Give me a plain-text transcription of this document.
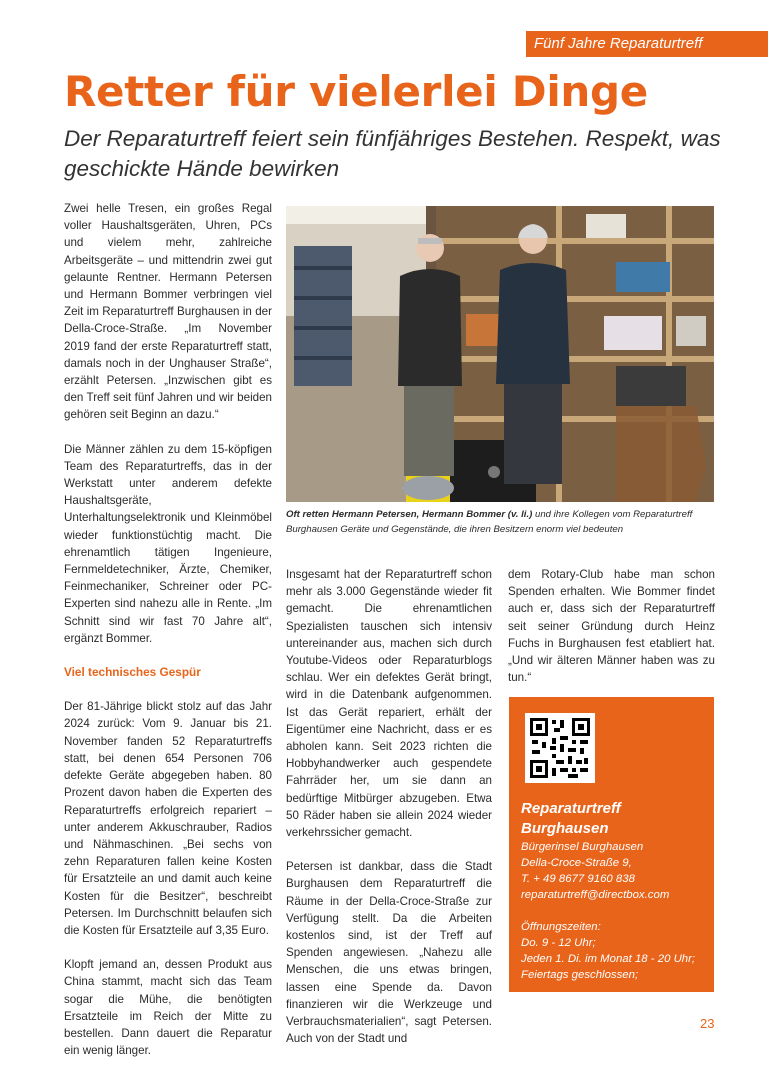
Fünf Jahre Reparaturtreff
Retter für vielerlei Dinge

Der Reparaturtreff feiert sein fünfjähriges Bestehen. Respekt, was geschickte Hände bewirken

Zwei helle Tresen, ein großes Regal voller Haushaltsgeräten, Uhren, PCs und vielem mehr, zahlreiche Arbeitsgeräte – und mittendrin zwei gut gelaunte Rentner. Hermann Petersen und Hermann Bommer verbringen viel Zeit im Reparaturtreff Burghausen in der Della-Croce-Straße. „Im November 2019 fand der erste Reparaturtreff statt, damals noch in der Unghauser Straße“, erzählt Petersen. „Inzwischen gibt es den Treff seit fünf Jahren und wir beiden gehören seit Beginn an dazu.“

Die Männer zählen zu dem 15-köpfigen Team des Reparaturtreffs, das in der Werkstatt unter anderem defekte Haushaltsgeräte, Unterhaltungselektronik und Kleinmöbel wieder funktionstüchtig macht. Die ehrenamtlich tätigen Ingenieure, Fernmeldetechniker, Ärzte, Chemiker, Feinmechaniker, Schreiner oder PC-Experten sind nahezu alle in Rente. „Im Schnitt sind wir fast 70 Jahre alt“, ergänzt Bommer.

Viel technisches Gespür

Der 81-Jährige blickt stolz auf das Jahr 2024 zurück: Vom 9. Januar bis 21. November fanden 52 Reparaturtreffs statt, bei denen 654 Personen 706 defekte Geräte abgegeben haben. 80 Prozent davon haben die Experten des Reparaturtreffs erfolgreich repariert – unter anderem Akkuschrauber, Radios und Nähmaschinen. „Bei sechs von zehn Reparaturen fallen keine Kosten für Ersatzteile an und damit auch keine Kosten für die Besitzer“, beschreibt Petersen. Im Durchschnitt belaufen sich die Kosten für Ersatzteile auf 3,35 Euro.

Klopft jemand an, dessen Produkt aus China stammt, macht sich das Team sogar die Mühe, die benötigten Ersatzteile im Reich der Mitte zu bestellen. Dann dauert die Reparatur ein wenig länger.

Oft retten Hermann Petersen, Hermann Bommer (v. li.) und ihre Kollegen vom Reparaturtreff Burghausen Geräte und Gegenstände, die ihren Besitzern enorm viel bedeuten

Insgesamt hat der Reparaturtreff schon mehr als 3.000 Gegenstände wieder fit gemacht. Die ehrenamtlichen Spezialisten tauschen sich intensiv untereinander aus, machen sich durch Youtube-Videos oder Reparaturblogs schlau. Wer ein defektes Gerät bringt, wird in die Datenbank aufgenommen. Ist das Gerät repariert, erhält der Eigentümer eine Nachricht, dass er es abholen kann. Seit 2023 richten die Hobbyhandwerker auch gespendete Fahrräder her, um sie dann an bedürftige Mitbürger abzugeben. Etwa 50 Räder haben sie allein 2024 wieder verkehrssicher gemacht.

Petersen ist dankbar, dass die Stadt Burghausen dem Reparaturtreff die Räume in der Della-Croce-Straße zur Verfügung stellt. Da die Arbeiten kostenlos sind, ist der Treff auf Spenden angewiesen. „Nahezu alle Menschen, die uns etwas bringen, lassen eine Spende da. Davon finanzieren wir die Werkzeuge und Verbrauchsmaterialien“, sagt Petersen. Auch von der Stadt und

dem Rotary-Club habe man schon Spenden erhalten. Wie Bommer findet auch er, dass sich der Reparaturtreff seit seiner Gründung durch Heinz Fuchs in Burghausen fest etabliert hat. „Und wir älteren Männer haben was zu tun.“

Reparaturtreff
Burghausen
Bürgerinsel Burghausen
Della-Croce-Straße 9,
T. + 49 8677 9160 838
reparaturtreff@directbox.com
Öffnungszeiten:
Do. 9 - 12 Uhr;
Jeden 1. Di. im Monat 18 - 20 Uhr;
Feiertags geschlossen;
23
